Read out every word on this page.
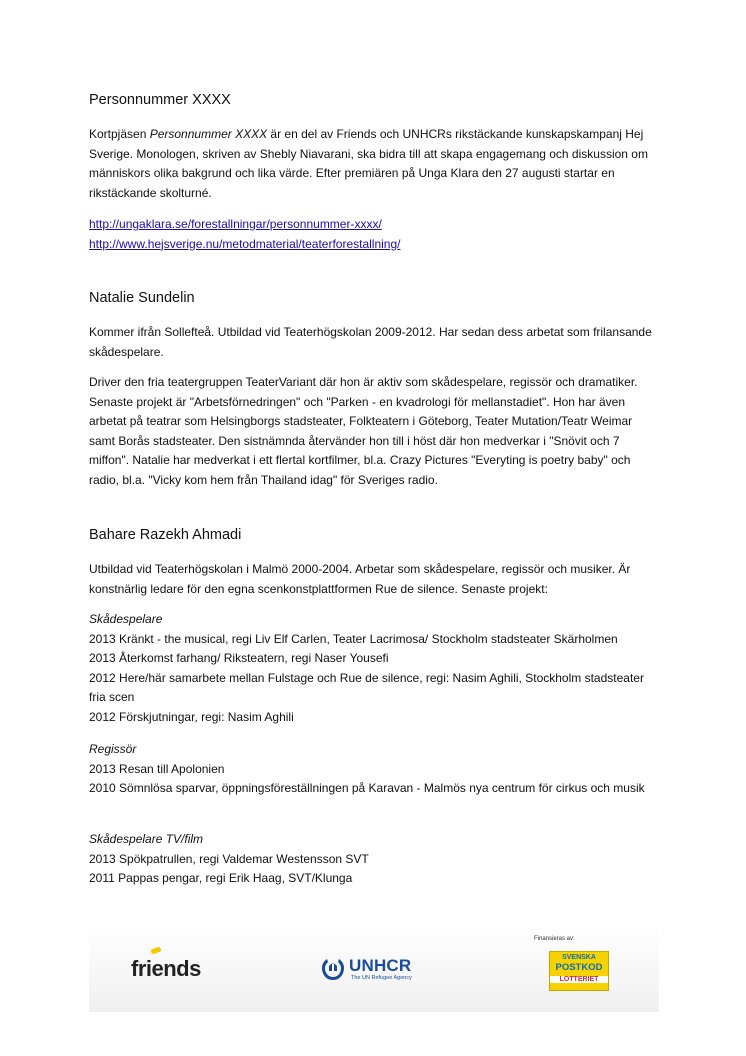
Personnummer XXXX

Kortpjäsen Personnummer XXXX är en del av Friends och UNHCRs rikstäckande kunskapskampanj Hej Sverige. Monologen, skriven av Shebly Niavarani, ska bidra till att skapa engagemang och diskussion om människors olika bakgrund och lika värde. Efter premiären på Unga Klara den 27 augusti startar en rikstäckande skolturné.

http://ungaklara.se/forestallningar/personnummer-xxxx/
http://www.hejsverige.nu/metodmaterial/teaterforestallning/
Natalie Sundelin

Kommer ifrån Sollefteå. Utbildad vid Teaterhögskolan 2009-2012. Har sedan dess arbetat som frilansande skådespelare.

Driver den fria teatergruppen TeaterVariant där hon är aktiv som skådespelare, regissör och dramatiker. Senaste projekt är "Arbetsförnedringen" och "Parken - en kvadrologi för mellanstadiet". Hon har även arbetat på teatrar som Helsingborgs stadsteater, Folkteatern i Göteborg, Teater Mutation/Teatr Weimar samt Borås stadsteater. Den sistnämnda återvänder hon till i höst där hon medverkar i "Snövit och 7 miffon". Natalie har medverkat i ett flertal kortfilmer, bl.a. Crazy Pictures "Everyting is poetry baby" och radio, bl.a. "Vicky kom hem från Thailand idag" för Sveriges radio.

Bahare Razekh Ahmadi

Utbildad vid Teaterhögskolan i Malmö 2000-2004. Arbetar som skådespelare, regissör och musiker. Är konstnärlig ledare för den egna scenkonstplattformen Rue de silence. Senaste projekt:

Skådespelare
2013 Kränkt - the musical, regi Liv Elf Carlen, Teater Lacrimosa/ Stockholm stadsteater Skärholmen
2013 Återkomst farhang/ Riksteatern, regi Naser Yousefi
2012 Here/här samarbete mellan Fulstage och Rue de silence, regi: Nasim Aghili, Stockholm stadsteater fria scen
2012 Förskjutningar, regi: Nasim Aghili
Regissör
2013 Resan till Apolonien
2010 Sömnlösa sparvar, öppningsföreställningen på Karavan - Malmös nya centrum för cirkus och musik
Skådespelare TV/film
2013 Spökpatrullen, regi Valdemar Westensson SVT
2011 Pappas pengar, regi Erik Haag, SVT/Klunga
friends	UNHCR
The UN Refugee Agency
Finansieras av:
SVENSKA
POSTKOD
LOTTERIET
